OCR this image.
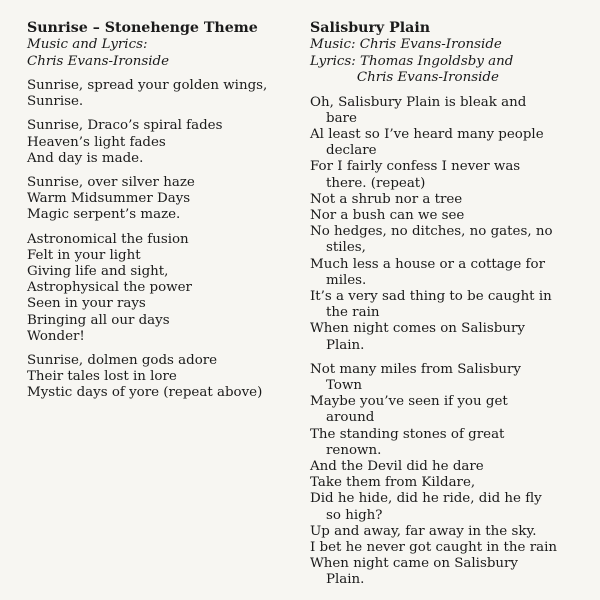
Sunrise – Stonehenge Theme

Music and Lyrics:

Chris Evans-Ironside

Sunrise, spread your golden wings,

Sunrise.

Sunrise, Draco’s spiral fades

Heaven’s light fades

And day is made.

Sunrise, over silver haze

Warm Midsummer Days

Magic serpent’s maze.

Astronomical the fusion

Felt in your light

Giving life and sight,

Astrophysical the power

Seen in your rays

Bringing all our days

Wonder!

Sunrise, dolmen gods adore

Their tales lost in lore

Mystic days of yore (repeat above)

Salisbury Plain

Music: Chris Evans-Ironside

Lyrics: Thomas Ingoldsby and

Chris Evans-Ironside

Oh, Salisbury Plain is bleak and

bare

Al least so I’ve heard many people

declare

For I fairly confess I never was

there. (repeat)

Not a shrub nor a tree

Nor a bush can we see

No hedges, no ditches, no gates, no

stiles,

Much less a house or a cottage for

miles.

It’s a very sad thing to be caught in

the rain

When night comes on Salisbury

Plain.

Not many miles from Salisbury

Town

Maybe you’ve seen if you get

around

The standing stones of great

renown.

And the Devil did he dare

Take them from Kildare,

Did he hide, did he ride, did he fly

so high?

Up and away, far away in the sky.

I bet he never got caught in the rain

When night came on Salisbury

Plain.
